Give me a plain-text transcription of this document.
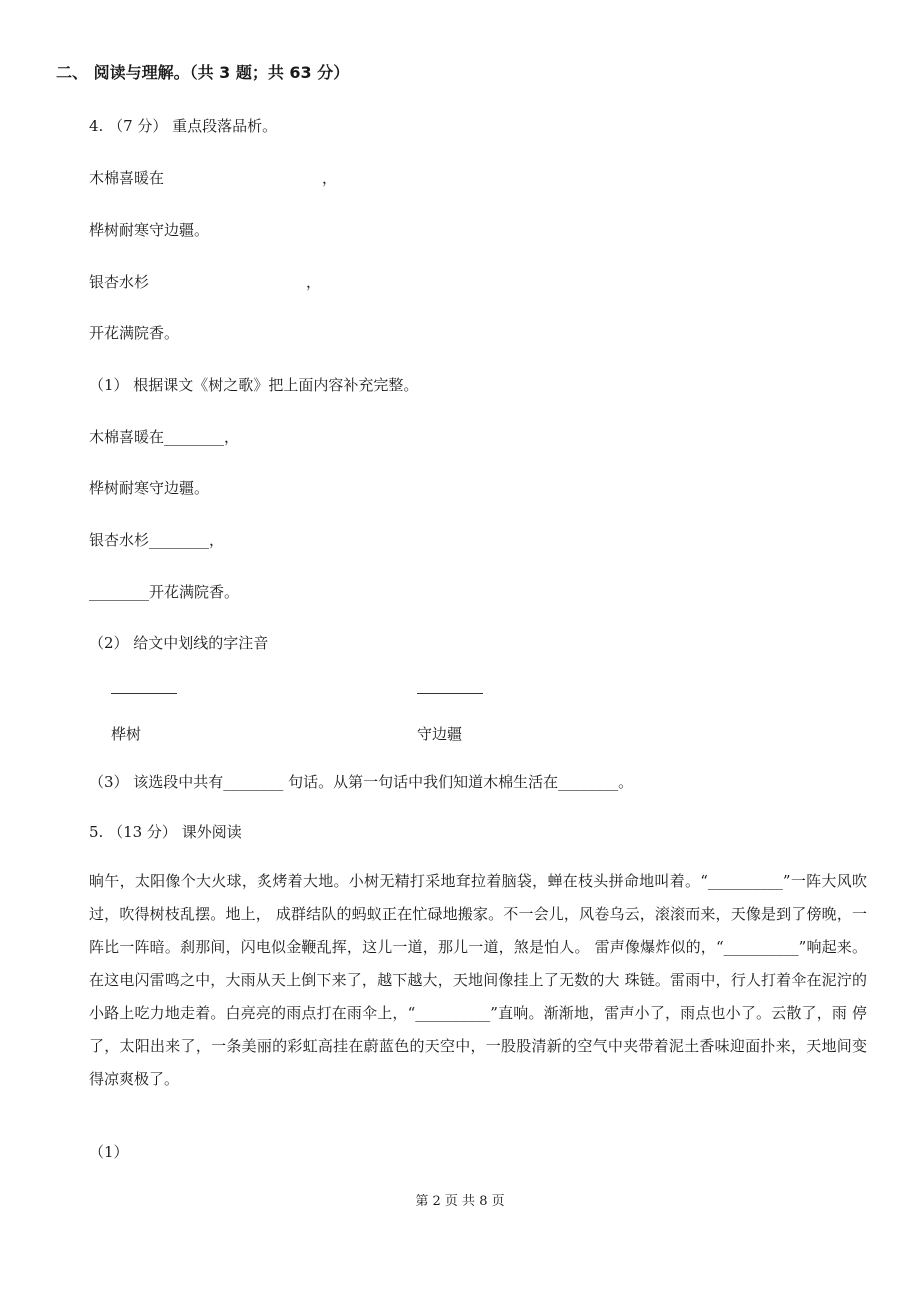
二、 阅读与理解。（共 3 题；共 63 分）
4. （7 分） 重点段落品析。
木棉喜暖在	，
桦树耐寒守边疆。
银杏水杉	，
开花满院香。
（1） 根据课文《树之歌》把上面内容补充完整。
木棉喜暖在________，
桦树耐寒守边疆。
银杏水杉________，
________开花满院香。
（2） 给文中划线的字注音
桦树	守边疆
（3） 该选段中共有________ 句话。从第一句话中我们知道木棉生活在________。
5. （13 分） 课外阅读
晌午，太阳像个大火球，炙烤着大地。小树无精打采地耷拉着脑袋，蝉在枝头拼命地叫着。“__________”一阵大风吹过，吹得树枝乱摆。地上， 成群结队的蚂蚁正在忙碌地搬家。不一会儿，风卷乌云，滚滚而来，天像是到了傍晚，一阵比一阵暗。刹那间，闪电似金鞭乱挥，这儿一道，那儿一道，煞是怕人。 雷声像爆炸似的，“__________”响起来。在这电闪雷鸣之中，大雨从天上倒下来了，越下越大，天地间像挂上了无数的大 珠链。雷雨中，行人打着伞在泥泞的小路上吃力地走着。白亮亮的雨点打在雨伞上，“__________”直响。渐渐地，雷声小了，雨点也小了。云散了，雨 停了，太阳出来了，一条美丽的彩虹高挂在蔚蓝色的天空中，一股股清新的空气中夹带着泥土香味迎面扑来，天地间变得凉爽极了。
（1）
第 2 页 共 8 页
